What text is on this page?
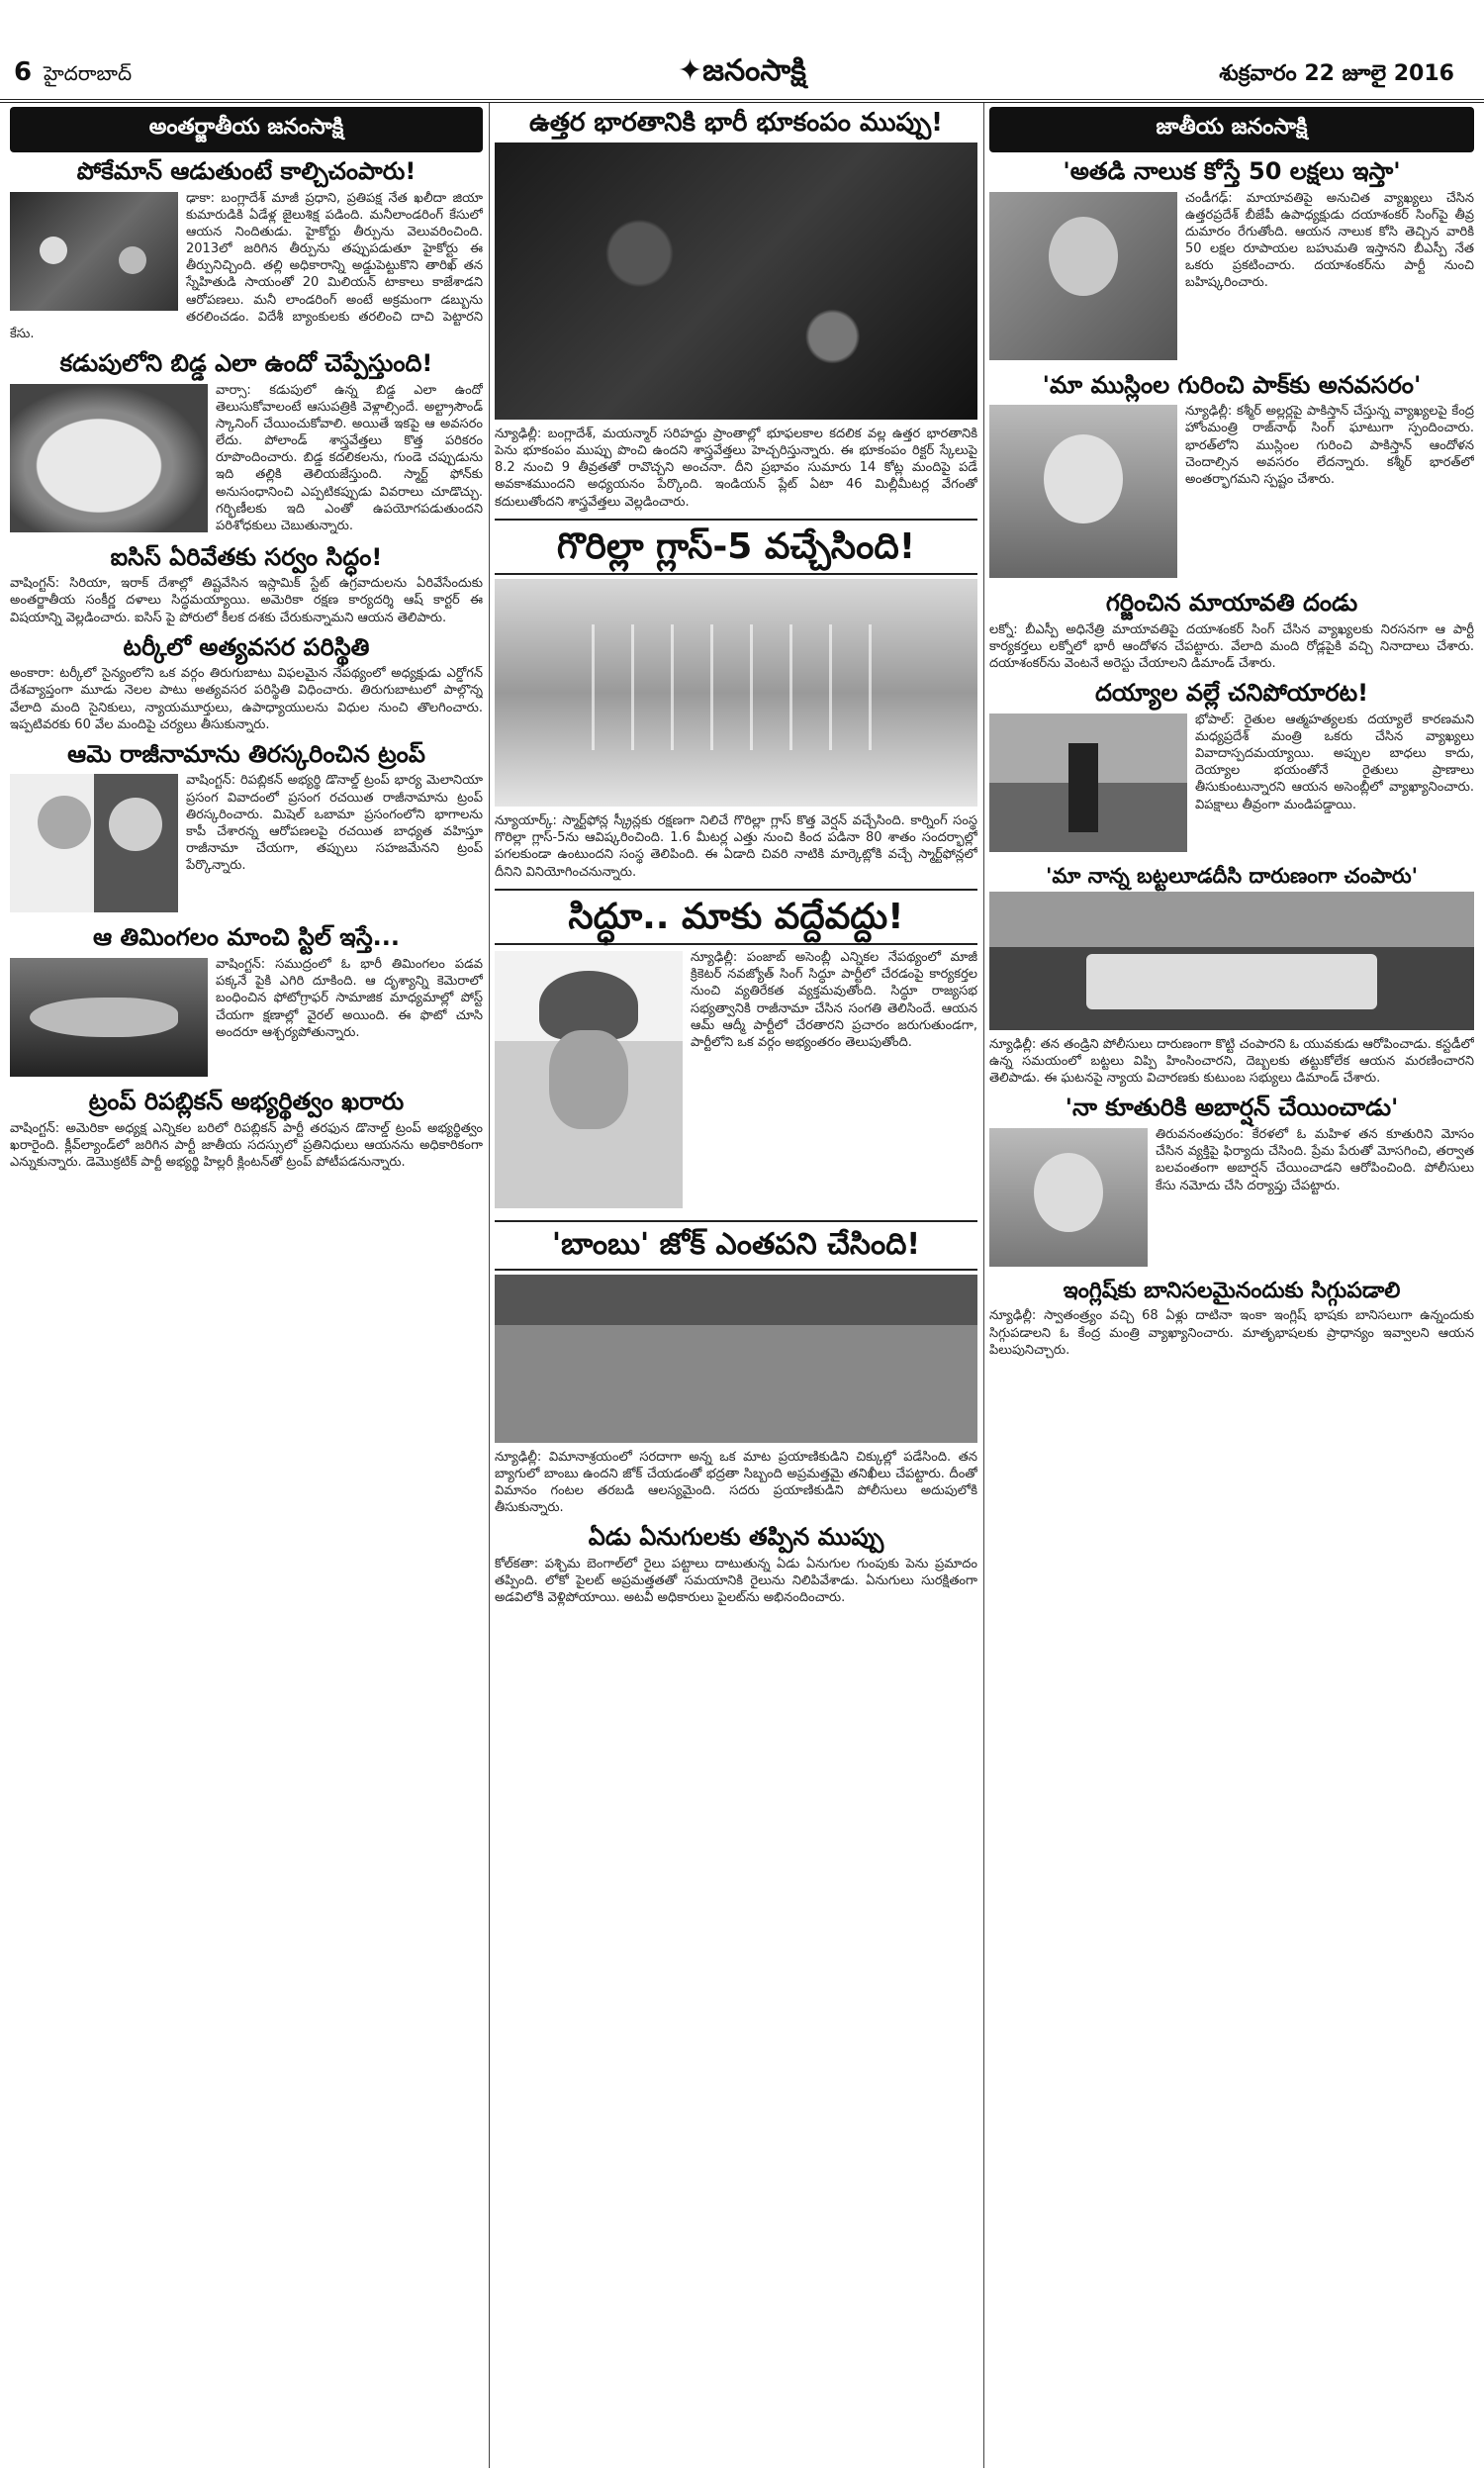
6 హైదరాబాద్	✦జనంసాక్షి	శుక్రవారం 22 జూలై 2016
అంతర్జాతీయ జనంసాక్షి
పోకేమాన్ ఆడుతుంటే కాల్చిచంపారు!

ఢాకా: బంగ్లాదేశ్ మాజీ ప్రధాని, ప్రతిపక్ష నేత ఖలీదా జియా కుమారుడికి ఏడేళ్ల జైలుశిక్ష పడింది. మనీలాండరింగ్ కేసులో ఆయన నిందితుడు. హైకోర్టు తీర్పును వెలువరించింది. 2013లో జరిగిన తీర్పును తప్పుపడుతూ హైకోర్టు ఈ తీర్పునిచ్చింది. తల్లి అధికారాన్ని అడ్డుపెట్టుకొని తారిఖ్ తన స్నేహితుడి సాయంతో 20 మిలియన్ టాకాలు కాజేశాడని ఆరోపణలు. మనీ లాండరింగ్ అంటే అక్రమంగా డబ్బును తరలించడం. విదేశీ బ్యాంకులకు తరలించి దాచి పెట్టారని కేసు.

కడుపులోని బిడ్డ ఎలా ఉందో చెప్పేస్తుంది!

వార్సా: కడుపులో ఉన్న బిడ్డ ఎలా ఉందో తెలుసుకోవాలంటే ఆసుపత్రికి వెళ్లాల్సిందే. అల్ట్రాసౌండ్ స్కానింగ్ చేయించుకోవాలి. అయితే ఇకపై ఆ అవసరం లేదు. పోలాండ్ శాస్త్రవేత్తలు కొత్త పరికరం రూపొందించారు. బిడ్డ కదలికలను, గుండె చప్పుడును ఇది తల్లికి తెలియజేస్తుంది. స్మార్ట్ ఫోన్‌కు అనుసంధానించి ఎప్పటికప్పుడు వివరాలు చూడొచ్చు. గర్భిణీలకు ఇది ఎంతో ఉపయోగపడుతుందని పరిశోధకులు చెబుతున్నారు.

ఐసిస్ ఏరివేతకు సర్వం సిద్ధం!

వాషింగ్టన్: సిరియా, ఇరాక్ దేశాల్లో తిష్టవేసిన ఇస్లామిక్ స్టేట్ ఉగ్రవాదులను ఏరివేసేందుకు అంతర్జాతీయ సంకీర్ణ దళాలు సిద్ధమయ్యాయి. అమెరికా రక్షణ కార్యదర్శి ఆష్ కార్టర్ ఈ విషయాన్ని వెల్లడించారు. ఐసిస్ పై పోరులో కీలక దశకు చేరుకున్నామని ఆయన తెలిపారు.

టర్కీలో అత్యవసర పరిస్థితి

అంకారా: టర్కీలో సైన్యంలోని ఒక వర్గం తిరుగుబాటు విఫలమైన నేపథ్యంలో అధ్యక్షుడు ఎర్డోగన్ దేశవ్యాప్తంగా మూడు నెలల పాటు అత్యవసర పరిస్థితి విధించారు. తిరుగుబాటులో పాల్గొన్న వేలాది మంది సైనికులు, న్యాయమూర్తులు, ఉపాధ్యాయులను విధుల నుంచి తొలగించారు. ఇప్పటివరకు 60 వేల మందిపై చర్యలు తీసుకున్నారు.

ఆమె రాజీనామాను తిరస్కరించిన ట్రంప్

వాషింగ్టన్: రిపబ్లికన్ అభ్యర్థి డొనాల్డ్ ట్రంప్ భార్య మెలానియా ప్రసంగ వివాదంలో ప్రసంగ రచయిత రాజీనామాను ట్రంప్ తిరస్కరించారు. మిషెల్ ఒబామా ప్రసంగంలోని భాగాలను కాపీ చేశారన్న ఆరోపణలపై రచయిత బాధ్యత వహిస్తూ రాజీనామా చేయగా, తప్పులు సహజమేనని ట్రంప్ పేర్కొన్నారు.

ఆ తిమింగలం మాంచి స్టిల్ ఇస్తే...

వాషింగ్టన్: సముద్రంలో ఓ భారీ తిమింగలం పడవ పక్కనే పైకి ఎగిరి దూకింది. ఆ దృశ్యాన్ని కెమెరాలో బంధించిన ఫోటోగ్రాఫర్ సామాజిక మాధ్యమాల్లో పోస్ట్ చేయగా క్షణాల్లో వైరల్ అయింది. ఈ ఫొటో చూసి అందరూ ఆశ్చర్యపోతున్నారు.

ట్రంప్ రిపబ్లికన్ అభ్యర్థిత్వం ఖరారు

వాషింగ్టన్: అమెరికా అధ్యక్ష ఎన్నికల బరిలో రిపబ్లికన్ పార్టీ తరఫున డొనాల్డ్ ట్రంప్ అభ్యర్థిత్వం ఖరారైంది. క్లీవ్‌ల్యాండ్‌లో జరిగిన పార్టీ జాతీయ సదస్సులో ప్రతినిధులు ఆయనను అధికారికంగా ఎన్నుకున్నారు. డెమొక్రటిక్ పార్టీ అభ్యర్థి హిల్లరీ క్లింటన్‌తో ట్రంప్ పోటీపడనున్నారు.

ఉత్తర భారతానికి భారీ భూకంపం ముప్పు!

న్యూఢిల్లీ: బంగ్లాదేశ్, మయన్మార్ సరిహద్దు ప్రాంతాల్లో భూఫలకాల కదలిక వల్ల ఉత్తర భారతానికి పెను భూకంపం ముప్పు పొంచి ఉందని శాస్త్రవేత్తలు హెచ్చరిస్తున్నారు. ఈ భూకంపం రిక్టర్ స్కేలుపై 8.2 నుంచి 9 తీవ్రతతో రావొచ్చని అంచనా. దీని ప్రభావం సుమారు 14 కోట్ల మందిపై పడే అవకాశముందని అధ్యయనం పేర్కొంది. ఇండియన్ ప్లేట్ ఏటా 46 మిల్లీమీటర్ల వేగంతో కదులుతోందని శాస్త్రవేత్తలు వెల్లడించారు.

గొరిల్లా గ్లాస్-5 వచ్చేసింది!

న్యూయార్క్: స్మార్ట్‌ఫోన్ల స్క్రీన్లకు రక్షణగా నిలిచే గొరిల్లా గ్లాస్ కొత్త వెర్షన్ వచ్చేసింది. కార్నింగ్ సంస్థ గొరిల్లా గ్లాస్-5ను ఆవిష్కరించింది. 1.6 మీటర్ల ఎత్తు నుంచి కింద పడినా 80 శాతం సందర్భాల్లో పగలకుండా ఉంటుందని సంస్థ తెలిపింది. ఈ ఏడాది చివరి నాటికి మార్కెట్లోకి వచ్చే స్మార్ట్‌ఫోన్లలో దీనిని వినియోగించనున్నారు.

సిద్ధూ.. మాకు వద్దేవద్దు!

న్యూఢిల్లీ: పంజాబ్ అసెంబ్లీ ఎన్నికల నేపథ్యంలో మాజీ క్రికెటర్ నవజ్యోత్ సింగ్ సిద్ధూ పార్టీలో చేరడంపై కార్యకర్తల నుంచి వ్యతిరేకత వ్యక్తమవుతోంది. సిద్ధూ రాజ్యసభ సభ్యత్వానికి రాజీనామా చేసిన సంగతి తెలిసిందే. ఆయన ఆమ్ ఆద్మీ పార్టీలో చేరతారని ప్రచారం జరుగుతుండగా, పార్టీలోని ఒక వర్గం అభ్యంతరం తెలుపుతోంది.

'బాంబు' జోక్ ఎంతపని చేసింది!

న్యూఢిల్లీ: విమానాశ్రయంలో సరదాగా అన్న ఒక మాట ప్రయాణికుడిని చిక్కుల్లో పడేసింది. తన బ్యాగులో బాంబు ఉందని జోక్ చేయడంతో భద్రతా సిబ్బంది అప్రమత్తమై తనిఖీలు చేపట్టారు. దీంతో విమానం గంటల తరబడి ఆలస్యమైంది. సదరు ప్రయాణికుడిని పోలీసులు అదుపులోకి తీసుకున్నారు.

ఏడు ఏనుగులకు తప్పిన ముప్పు

కోల్‌కతా: పశ్చిమ బెంగాల్‌లో రైలు పట్టాలు దాటుతున్న ఏడు ఏనుగుల గుంపుకు పెను ప్రమాదం తప్పింది. లోకో పైలట్ అప్రమత్తతతో సమయానికి రైలును నిలిపివేశాడు. ఏనుగులు సురక్షితంగా అడవిలోకి వెళ్లిపోయాయి. అటవీ అధికారులు పైలట్‌ను అభినందించారు.

జాతీయ జనంసాక్షి
'అతడి నాలుక కోస్తే 50 లక్షలు ఇస్తా'

చండీగఢ్: మాయావతిపై అనుచిత వ్యాఖ్యలు చేసిన ఉత్తరప్రదేశ్ బీజేపీ ఉపాధ్యక్షుడు దయాశంకర్ సింగ్‌పై తీవ్ర దుమారం రేగుతోంది. ఆయన నాలుక కోసి తెచ్చిన వారికి 50 లక్షల రూపాయల బహుమతి ఇస్తానని బీఎస్పీ నేత ఒకరు ప్రకటించారు. దయాశంకర్‌ను పార్టీ నుంచి బహిష్కరించారు.

'మా ముస్లింల గురించి పాక్‌కు అనవసరం'

న్యూఢిల్లీ: కశ్మీర్ అల్లర్లపై పాకిస్తాన్ చేస్తున్న వ్యాఖ్యలపై కేంద్ర హోంమంత్రి రాజ్‌నాథ్ సింగ్ ఘాటుగా స్పందించారు. భారత్‌లోని ముస్లింల గురించి పాకిస్తాన్ ఆందోళన చెందాల్సిన అవసరం లేదన్నారు. కశ్మీర్ భారత్‌లో అంతర్భాగమని స్పష్టం చేశారు.

గర్జించిన మాయావతి దండు

లక్నో: బీఎస్పీ అధినేత్రి మాయావతిపై దయాశంకర్ సింగ్ చేసిన వ్యాఖ్యలకు నిరసనగా ఆ పార్టీ కార్యకర్తలు లక్నోలో భారీ ఆందోళన చేపట్టారు. వేలాది మంది రోడ్లపైకి వచ్చి నినాదాలు చేశారు. దయాశంకర్‌ను వెంటనే అరెస్టు చేయాలని డిమాండ్ చేశారు.

దయ్యాల వల్లే చనిపోయారట!

భోపాల్: రైతుల ఆత్మహత్యలకు దయ్యాలే కారణమని మధ్యప్రదేశ్ మంత్రి ఒకరు చేసిన వ్యాఖ్యలు వివాదాస్పదమయ్యాయి. అప్పుల బాధలు కాదు, దెయ్యాల భయంతోనే రైతులు ప్రాణాలు తీసుకుంటున్నారని ఆయన అసెంబ్లీలో వ్యాఖ్యానించారు. విపక్షాలు తీవ్రంగా మండిపడ్డాయి.

'మా నాన్న బట్టలూడదీసి దారుణంగా చంపారు'

న్యూఢిల్లీ: తన తండ్రిని పోలీసులు దారుణంగా కొట్టి చంపారని ఓ యువకుడు ఆరోపించాడు. కస్టడీలో ఉన్న సమయంలో బట్టలు విప్పి హింసించారని, దెబ్బలకు తట్టుకోలేక ఆయన మరణించారని తెలిపాడు. ఈ ఘటనపై న్యాయ విచారణకు కుటుంబ సభ్యులు డిమాండ్ చేశారు.

'నా కూతురికి అబార్షన్ చేయించాడు'

తిరువనంతపురం: కేరళలో ఓ మహిళ తన కూతురిని మోసం చేసిన వ్యక్తిపై ఫిర్యాదు చేసింది. ప్రేమ పేరుతో మోసగించి, తర్వాత బలవంతంగా అబార్షన్ చేయించాడని ఆరోపించింది. పోలీసులు కేసు నమోదు చేసి దర్యాప్తు చేపట్టారు.

ఇంగ్లిష్‌కు బానిసలమైనందుకు సిగ్గుపడాలి

న్యూఢిల్లీ: స్వాతంత్ర్యం వచ్చి 68 ఏళ్లు దాటినా ఇంకా ఇంగ్లిష్ భాషకు బానిసలుగా ఉన్నందుకు సిగ్గుపడాలని ఓ కేంద్ర మంత్రి వ్యాఖ్యానించారు. మాతృభాషలకు ప్రాధాన్యం ఇవ్వాలని ఆయన పిలుపునిచ్చారు.
